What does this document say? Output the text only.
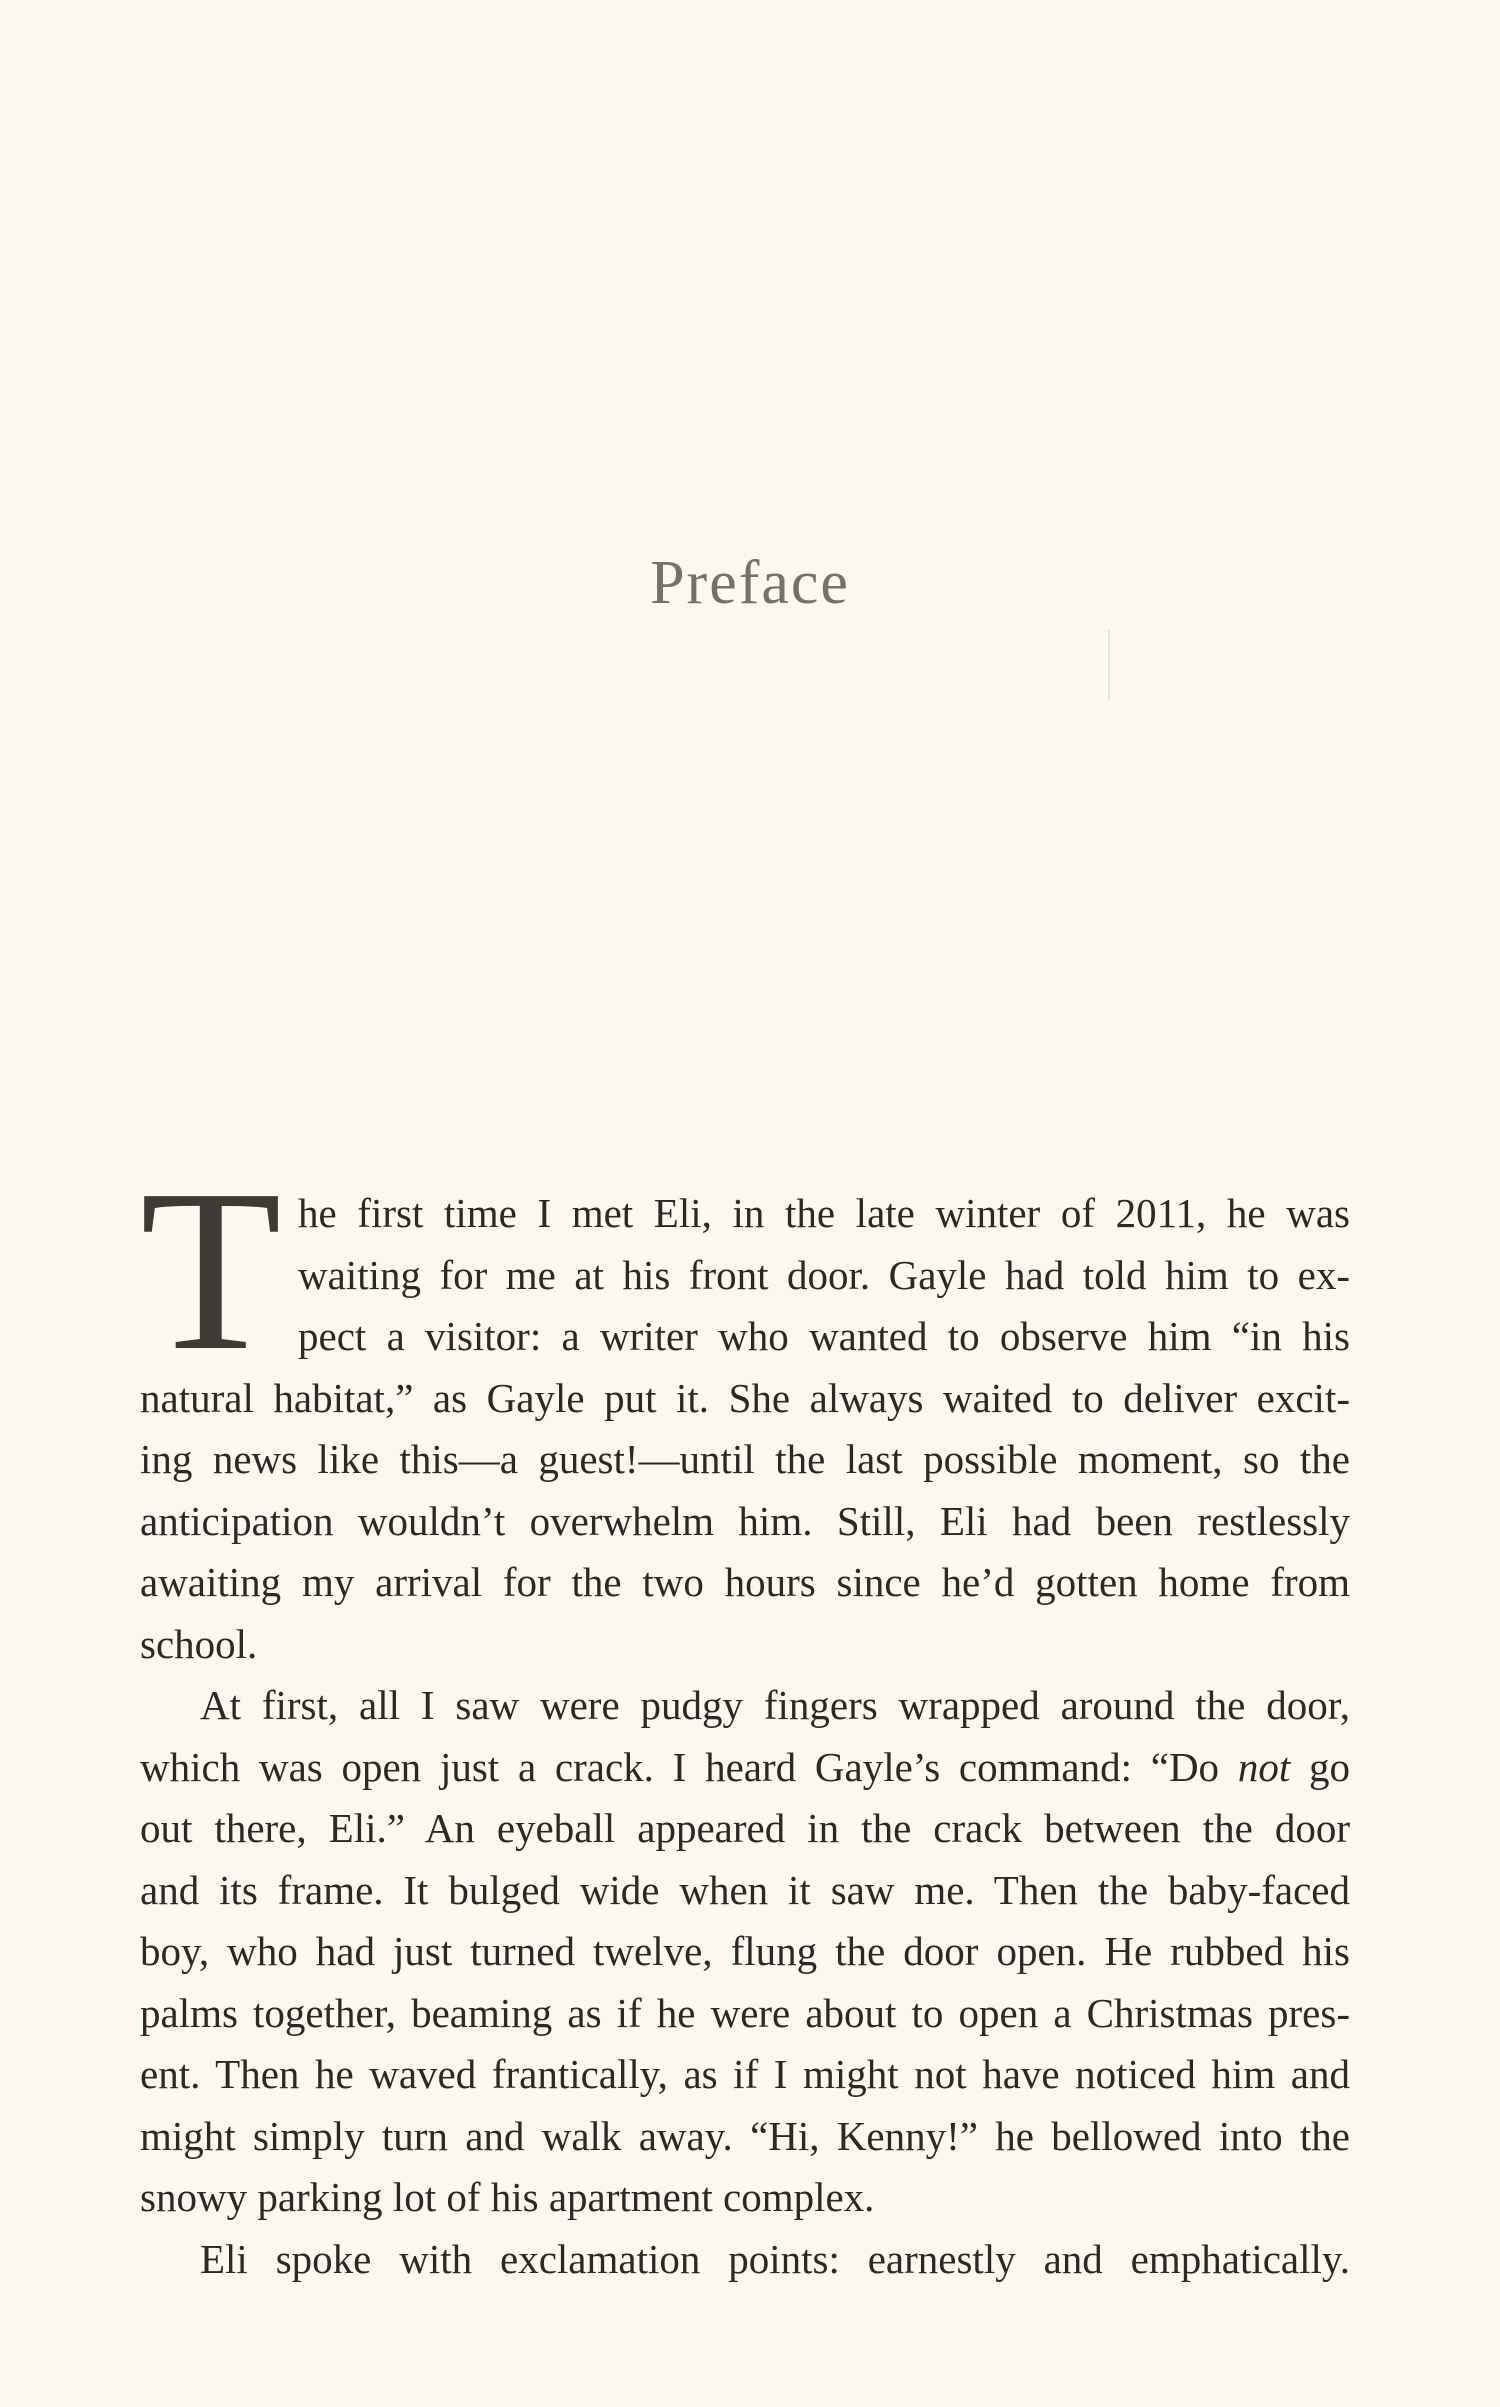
Preface
T he first time I met Eli, in the late winter of 2011, he was
waiting for me at his front door. Gayle had told him to ex-
pect a visitor: a writer who wanted to observe him “in his
natural habitat,” as Gayle put it. She always waited to deliver excit-
ing news like this—a guest!—until the last possible moment, so the
anticipation wouldn’t overwhelm him. Still, Eli had been restlessly
awaiting my arrival for the two hours since he’d gotten home from
school.
At first, all I saw were pudgy fingers wrapped around the door,
which was open just a crack. I heard Gayle’s command: “Do not go
out there, Eli.” An eyeball appeared in the crack between the door
and its frame. It bulged wide when it saw me. Then the baby-faced
boy, who had just turned twelve, flung the door open. He rubbed his
palms together, beaming as if he were about to open a Christmas pres-
ent. Then he waved frantically, as if I might not have noticed him and
might simply turn and walk away. “Hi, Kenny!” he bellowed into the
snowy parking lot of his apartment complex.
Eli spoke with exclamation points: earnestly and emphatically.
